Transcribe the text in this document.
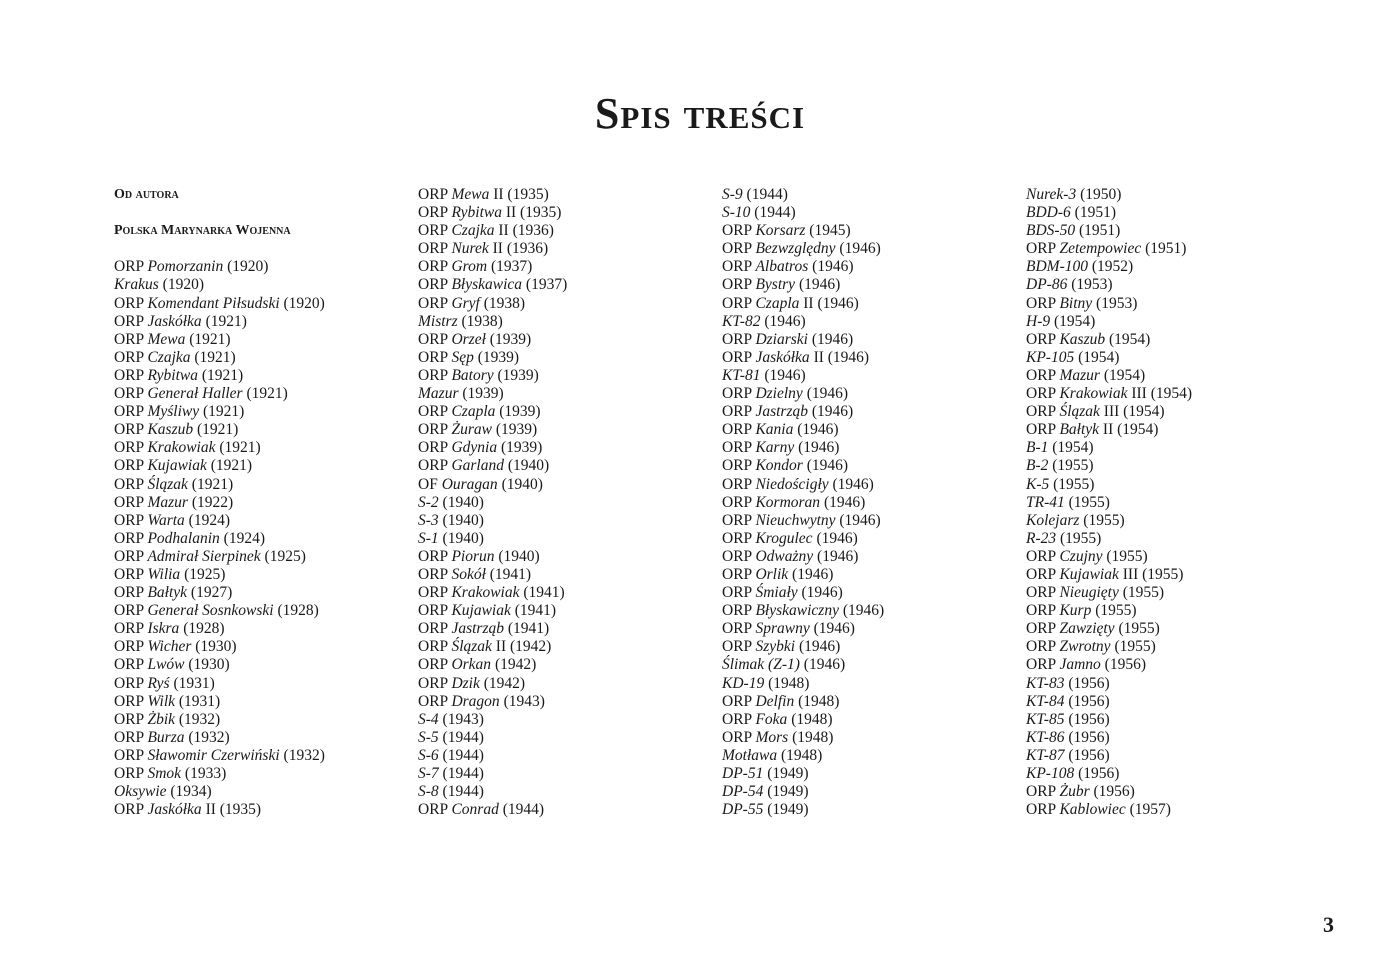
Spis treści
Od autora
Polska Marynarka Wojenna
ORP Pomorzanin (1920)
Krakus (1920)
ORP Komendant Piłsudski (1920)
ORP Jaskółka (1921)
ORP Mewa (1921)
ORP Czajka (1921)
ORP Rybitwa (1921)
ORP Generał Haller (1921)
ORP Myśliwy (1921)
ORP Kaszub (1921)
ORP Krakowiak (1921)
ORP Kujawiak (1921)
ORP Ślązak (1921)
ORP Mazur (1922)
ORP Warta (1924)
ORP Podhalanin (1924)
ORP Admirał Sierpinek (1925)
ORP Wilia (1925)
ORP Bałtyk (1927)
ORP Generał Sosnkowski (1928)
ORP Iskra (1928)
ORP Wicher (1930)
ORP Lwów (1930)
ORP Ryś (1931)
ORP Wilk (1931)
ORP Żbik (1932)
ORP Burza (1932)
ORP Sławomir Czerwiński (1932)
ORP Smok (1933)
Oksywie (1934)
ORP Jaskółka II (1935)
ORP Mewa II (1935)
ORP Rybitwa II (1935)
ORP Czajka II (1936)
ORP Nurek II (1936)
ORP Grom (1937)
ORP Błyskawica (1937)
ORP Gryf (1938)
Mistrz (1938)
ORP Orzeł (1939)
ORP Sęp (1939)
ORP Batory (1939)
Mazur (1939)
ORP Czapla (1939)
ORP Żuraw (1939)
ORP Gdynia (1939)
ORP Garland (1940)
OF Ouragan (1940)
S-2 (1940)
S-3 (1940)
S-1 (1940)
ORP Piorun (1940)
ORP Sokół (1941)
ORP Krakowiak (1941)
ORP Kujawiak (1941)
ORP Jastrząb (1941)
ORP Ślązak II (1942)
ORP Orkan (1942)
ORP Dzik (1942)
ORP Dragon (1943)
S-4 (1943)
S-5 (1944)
S-6 (1944)
S-7 (1944)
S-8 (1944)
ORP Conrad (1944)
S-9 (1944)
S-10 (1944)
ORP Korsarz (1945)
ORP Bezwzględny (1946)
ORP Albatros (1946)
ORP Bystry (1946)
ORP Czapla II (1946)
KT-82 (1946)
ORP Dziarski (1946)
ORP Jaskółka II (1946)
KT-81 (1946)
ORP Dzielny (1946)
ORP Jastrząb (1946)
ORP Kania (1946)
ORP Karny (1946)
ORP Kondor (1946)
ORP Niedościgły (1946)
ORP Kormoran (1946)
ORP Nieuchwytny (1946)
ORP Krogulec (1946)
ORP Odważny (1946)
ORP Orlik (1946)
ORP Śmiały (1946)
ORP Błyskawiczny (1946)
ORP Sprawny (1946)
ORP Szybki (1946)
Ślimak (Z-1) (1946)
KD-19 (1948)
ORP Delfin (1948)
ORP Foka (1948)
ORP Mors (1948)
Motława (1948)
DP-51 (1949)
DP-54 (1949)
DP-55 (1949)
Nurek-3 (1950)
BDD-6 (1951)
BDS-50 (1951)
ORP Zetempowiec (1951)
BDM-100 (1952)
DP-86 (1953)
ORP Bitny (1953)
H-9 (1954)
ORP Kaszub (1954)
KP-105 (1954)
ORP Mazur (1954)
ORP Krakowiak III (1954)
ORP Ślązak III (1954)
ORP Bałtyk II (1954)
B-1 (1954)
B-2 (1955)
K-5 (1955)
TR-41 (1955)
Kolejarz (1955)
R-23 (1955)
ORP Czujny (1955)
ORP Kujawiak III (1955)
ORP Nieugięty (1955)
ORP Kurp (1955)
ORP Zawzięty (1955)
ORP Zwrotny (1955)
ORP Jamno (1956)
KT-83 (1956)
KT-84 (1956)
KT-85 (1956)
KT-86 (1956)
KT-87 (1956)
KP-108 (1956)
ORP Żubr (1956)
ORP Kablowiec (1957)
3
